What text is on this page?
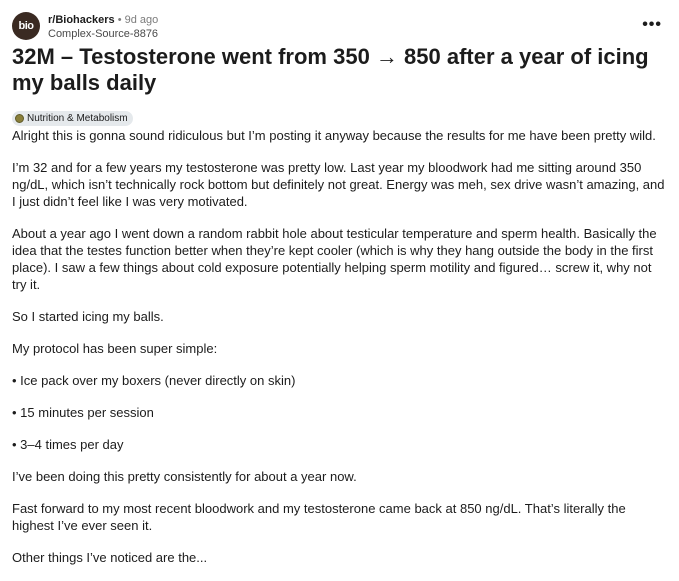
bio	r/Biohackers • 9d ago
Complex-Source-8876
•••
32M – Testosterone went from 350 → 850 after a year of icing my balls daily
Nutrition & Metabolism

Alright this is gonna sound ridiculous but I’m posting it anyway because the results for me have been pretty wild.

I’m 32 and for a few years my testosterone was pretty low. Last year my bloodwork had me sitting around 350 ng/dL, which isn’t technically rock bottom but definitely not great. Energy was meh, sex drive wasn’t amazing, and I just didn’t feel like I was very motivated.

About a year ago I went down a random rabbit hole about testicular temperature and sperm health. Basically the idea that the testes function better when they’re kept cooler (which is why they hang outside the body in the first place). I saw a few things about cold exposure potentially helping sperm motility and figured… screw it, why not try it.

So I started icing my balls.

My protocol has been super simple:

• Ice pack over my boxers (never directly on skin)

• 15 minutes per session

• 3–4 times per day

I’ve been doing this pretty consistently for about a year now.

Fast forward to my most recent bloodwork and my testosterone came back at 850 ng/dL. That’s literally the highest I’ve ever seen it.

Other things I’ve noticed are the...
